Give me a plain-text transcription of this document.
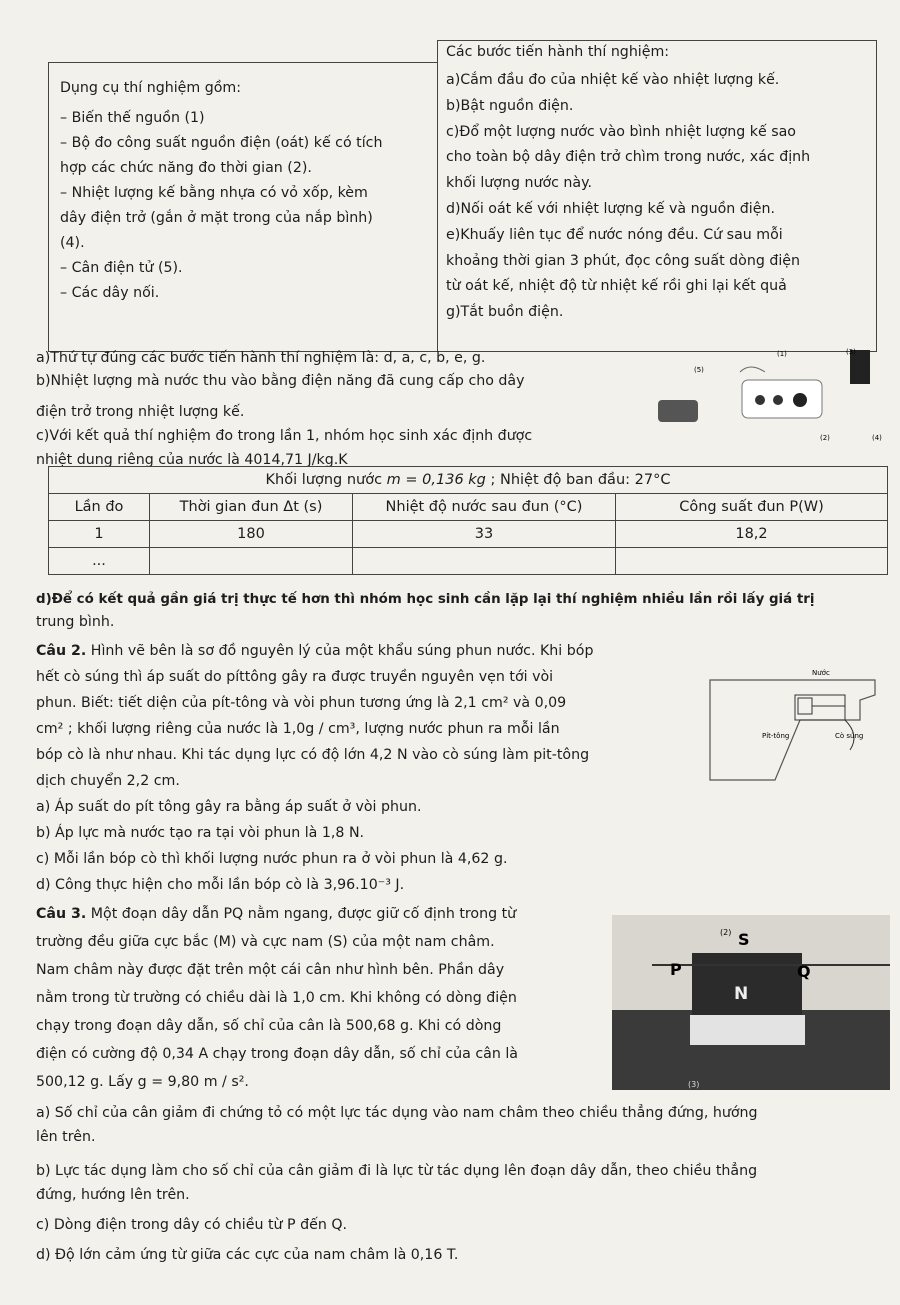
Dụng cụ thí nghiệm gồm:
– Biến thế nguồn (1)
– Bộ đo công suất nguồn điện (oát) kế có tích
hợp các chức năng đo thời gian (2).
– Nhiệt lượng kế bằng nhựa có vỏ xốp, kèm
dây điện trở (gắn ở mặt trong của nắp bình)
(4).
– Cân điện tử (5).
– Các dây nối.
Các bước tiến hành thí nghiệm:
a)Cắm đầu đo của nhiệt kế vào nhiệt lượng kế.
b)Bật nguồn điện.
c)Đổ một lượng nước vào bình nhiệt lượng kế sao
cho toàn bộ dây điện trở chìm trong nước, xác định
khối lượng nước này.
d)Nối oát kế với nhiệt lượng kế và nguồn điện.
e)Khuấy liên tục để nước nóng đều. Cứ sau mỗi
khoảng thời gian 3 phút, đọc công suất dòng điện
từ oát kế, nhiệt độ từ nhiệt kế rồi ghi lại kết quả
g)Tắt buồn điện.
a)Thứ tự đúng các bước tiến hành thí nghiệm là: d, a, c, b, e, g.
b)Nhiệt lượng mà nước thu vào bằng điện năng đã cung cấp cho dây
điện trở trong nhiệt lượng kế.
c)Với kết quả thí nghiệm đo trong lần 1, nhóm học sinh xác định được
nhiệt dung riêng của nước là 4014,71 J/kg.K
(1)
(2)
(3)
(4)
(5)
Khối lượng nước m = 0,136 kg ; Nhiệt độ ban đầu: 27°C			
Lần đo	Thời gian đun Δt (s)	Nhiệt độ nước sau đun (°C)	Công suất đun P(W)
1	180	33	18,2
...			
d)Để có kết quả gần giá trị thực tế hơn thì nhóm học sinh cần lặp lại thí nghiệm nhiều lần rồi lấy giá trị
trung bình.
Câu 2. Hình vẽ bên là sơ đồ nguyên lý của một khẩu súng phun nước. Khi bóp
hết cò súng thì áp suất do píttông gây ra được truyền nguyên vẹn tới vòi
phun. Biết: tiết diện của pít-tông và vòi phun tương ứng là 2,1 cm² và 0,09
cm² ; khối lượng riêng của nước là 1,0g / cm³, lượng nước phun ra mỗi lần
bóp cò là như nhau. Khi tác dụng lực có độ lớn 4,2 N vào cò súng làm pit-tông
dịch chuyển 2,2 cm.
a) Áp suất do pít tông gây ra bằng áp suất ở vòi phun.
b) Áp lực mà nước tạo ra tại vòi phun là 1,8 N.
c) Mỗi lần bóp cò thì khối lượng nước phun ra ở vòi phun là 4,62 g.
d) Công thực hiện cho mỗi lần bóp cò là 3,96.10⁻³ J.
Nước
Pít-tông	Cò súng
Câu 3. Một đoạn dây dẫn PQ nằm ngang, được giữ cố định trong từ
trường đều giữa cực bắc (M) và cực nam (S) của một nam châm.
Nam châm này được đặt trên một cái cân như hình bên. Phần dây
nằm trong từ trường có chiều dài là 1,0 cm. Khi không có dòng điện
chạy trong đoạn dây dẫn, số chỉ của cân là 500,68 g. Khi có dòng
điện có cường độ 0,34 A chạy trong đoạn dây dẫn, số chỉ của cân là
500,12 g. Lấy g = 9,80 m / s².
S
(2)
P	Q
N
(3)
a) Số chỉ của cân giảm đi chứng tỏ có một lực tác dụng vào nam châm theo chiều thẳng đứng, hướng
lên trên.
b) Lực tác dụng làm cho số chỉ của cân giảm đi là lực từ tác dụng lên đoạn dây dẫn, theo chiều thẳng
đứng, hướng lên trên.
c) Dòng điện trong dây có chiều từ P đến Q.
d) Độ lớn cảm ứng từ giữa các cực của nam châm là 0,16 T.
